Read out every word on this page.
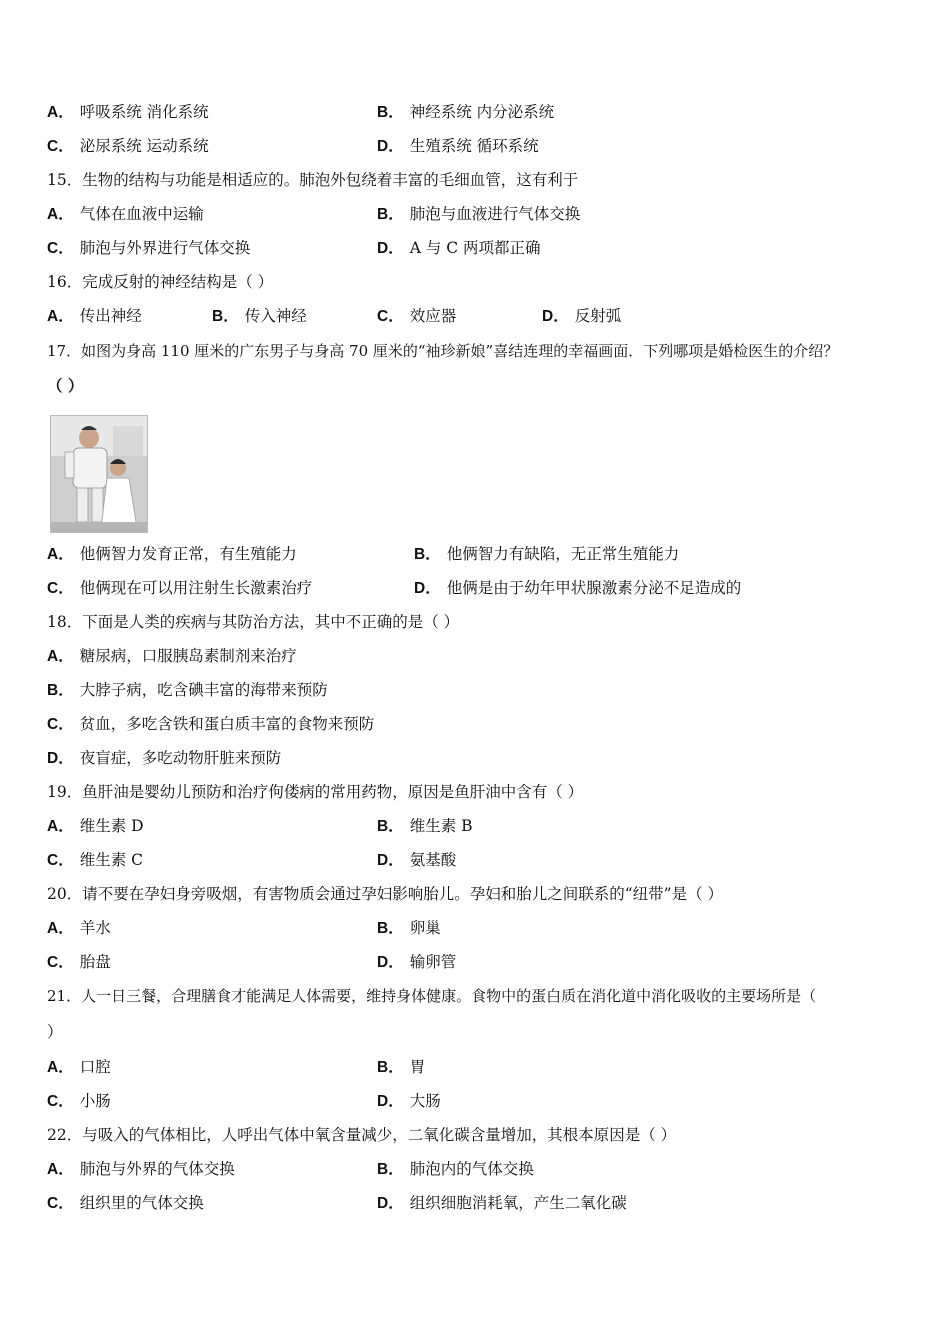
A． 呼吸系统 消化系统	B． 神经系统 内分泌系统
C． 泌尿系统 运动系统	D． 生殖系统 循环系统
15．生物的结构与功能是相适应的。肺泡外包绕着丰富的毛细血管，这有利于
A． 气体在血液中运输	B． 肺泡与血液进行气体交换
C． 肺泡与外界进行气体交换	D． A 与 C 两项都正确
16．完成反射的神经结构是（ ）
A． 传出神经	B． 传入神经	C． 效应器	D． 反射弧
17．如图为身高 110 厘米的广东男子与身高 70 厘米的“袖珍新娘”喜结连理的幸福画面．下列哪项是婚检医生的介绍？
（ ）
A． 他俩智力发育正常，有生殖能力	B． 他俩智力有缺陷，无正常生殖能力
C． 他俩现在可以用注射生长激素治疗	D． 他俩是由于幼年甲状腺激素分泌不足造成的
18．下面是人类的疾病与其防治方法，其中不正确的是（ ）
A． 糖尿病，口服胰岛素制剂来治疗
B． 大脖子病，吃含碘丰富的海带来预防
C． 贫血，多吃含铁和蛋白质丰富的食物来预防
D． 夜盲症，多吃动物肝脏来预防
19．鱼肝油是婴幼儿预防和治疗佝偻病的常用药物，原因是鱼肝油中含有（ ）
A． 维生素 D	B． 维生素 B
C． 维生素 C	D． 氨基酸
20．请不要在孕妇身旁吸烟，有害物质会通过孕妇影响胎儿。孕妇和胎儿之间联系的“纽带”是（ ）
A． 羊水	B． 卵巢
C． 胎盘	D． 输卵管
21．人一日三餐，合理膳食才能满足人体需要，维持身体健康。食物中的蛋白质在消化道中消化吸收的主要场所是（
）
A． 口腔	B． 胃
C． 小肠	D． 大肠
22．与吸入的气体相比，人呼出气体中氧含量减少，二氧化碳含量增加，其根本原因是（ ）
A． 肺泡与外界的气体交换	B． 肺泡内的气体交换
C． 组织里的气体交换	D． 组织细胞消耗氧，产生二氧化碳
